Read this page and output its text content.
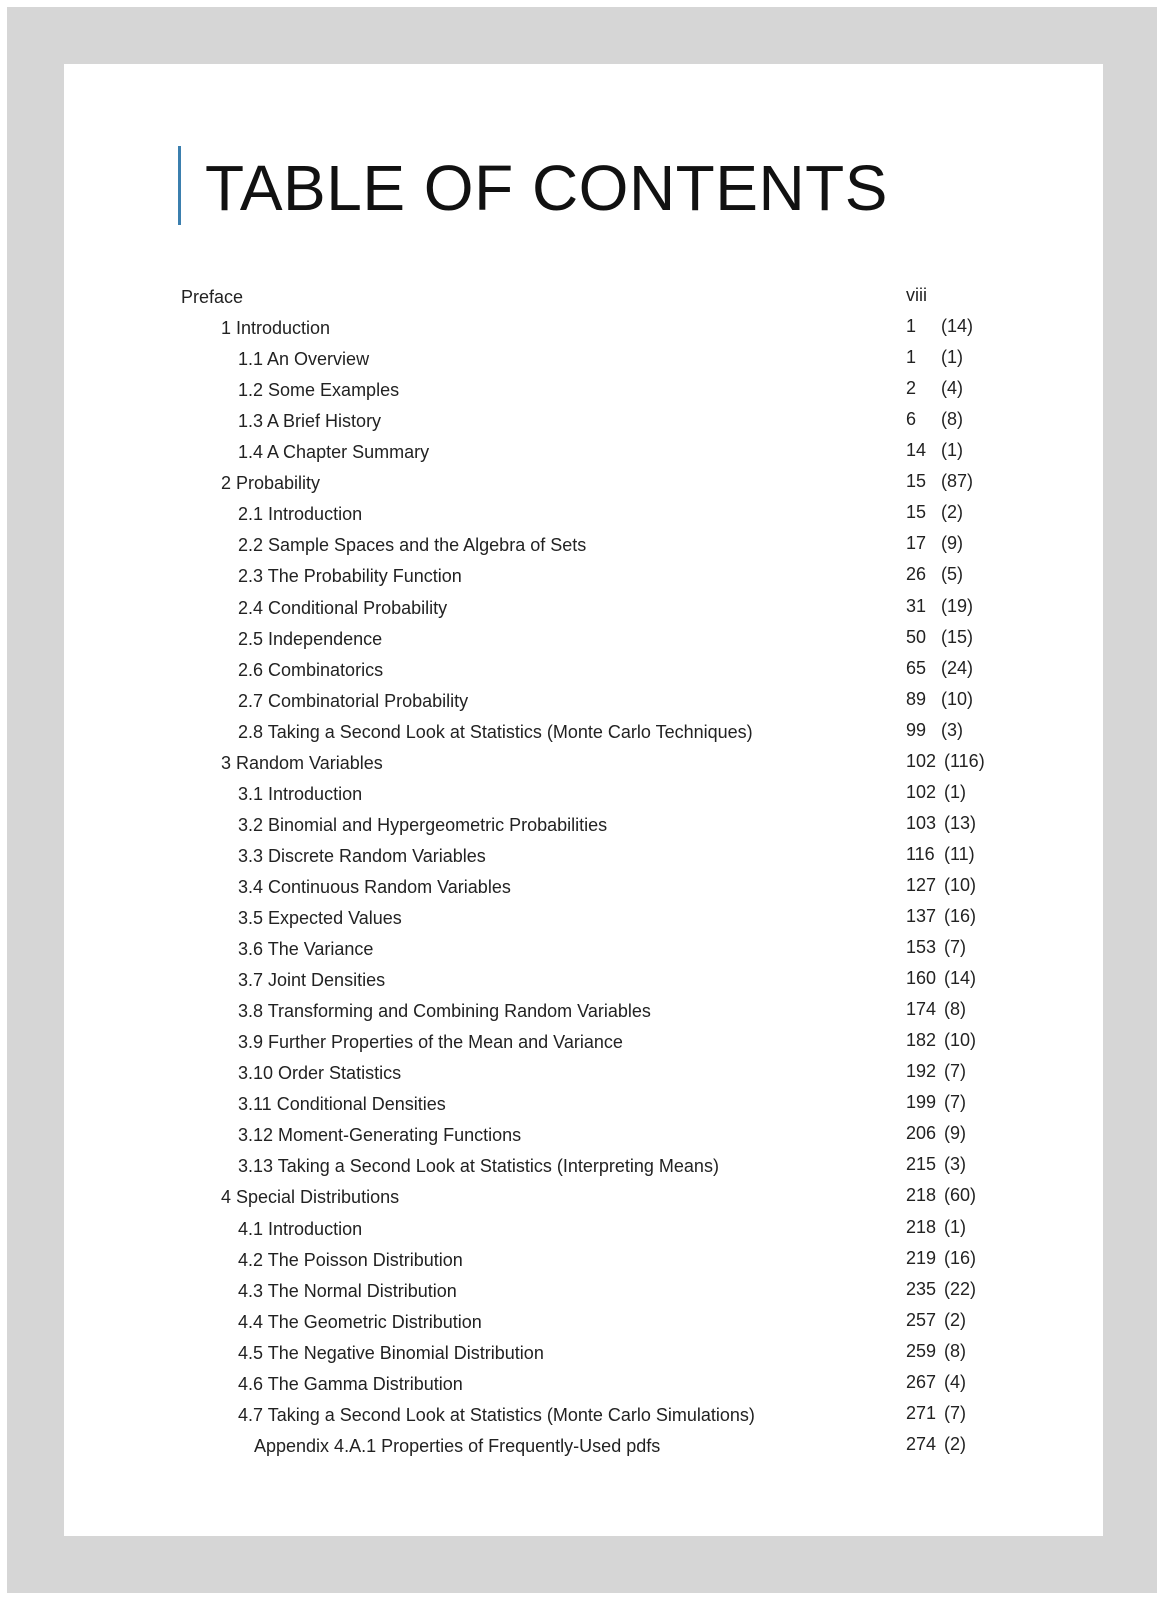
TABLE OF CONTENTS
Preface	viii
1 Introduction	1 (14)
1.1 An Overview	1 (1)
1.2 Some Examples	2 (4)
1.3 A Brief History	6 (8)
1.4 A Chapter Summary	14 (1)
2 Probability	15 (87)
2.1 Introduction	15 (2)
2.2 Sample Spaces and the Algebra of Sets	17 (9)
2.3 The Probability Function	26 (5)
2.4 Conditional Probability	31 (19)
2.5 Independence	50 (15)
2.6 Combinatorics	65 (24)
2.7 Combinatorial Probability	89 (10)
2.8 Taking a Second Look at Statistics (Monte Carlo Techniques)	99 (3)
3 Random Variables	102 (116)
3.1 Introduction	102 (1)
3.2 Binomial and Hypergeometric Probabilities	103 (13)
3.3 Discrete Random Variables	116 (11)
3.4 Continuous Random Variables	127 (10)
3.5 Expected Values	137 (16)
3.6 The Variance	153 (7)
3.7 Joint Densities	160 (14)
3.8 Transforming and Combining Random Variables	174 (8)
3.9 Further Properties of the Mean and Variance	182 (10)
3.10 Order Statistics	192 (7)
3.11 Conditional Densities	199 (7)
3.12 Moment-Generating Functions	206 (9)
3.13 Taking a Second Look at Statistics (Interpreting Means)	215 (3)
4 Special Distributions	218 (60)
4.1 Introduction	218 (1)
4.2 The Poisson Distribution	219 (16)
4.3 The Normal Distribution	235 (22)
4.4 The Geometric Distribution	257 (2)
4.5 The Negative Binomial Distribution	259 (8)
4.6 The Gamma Distribution	267 (4)
4.7 Taking a Second Look at Statistics (Monte Carlo Simulations)	271 (7)
Appendix 4.A.1 Properties of Frequently-Used pdfs	274 (2)
